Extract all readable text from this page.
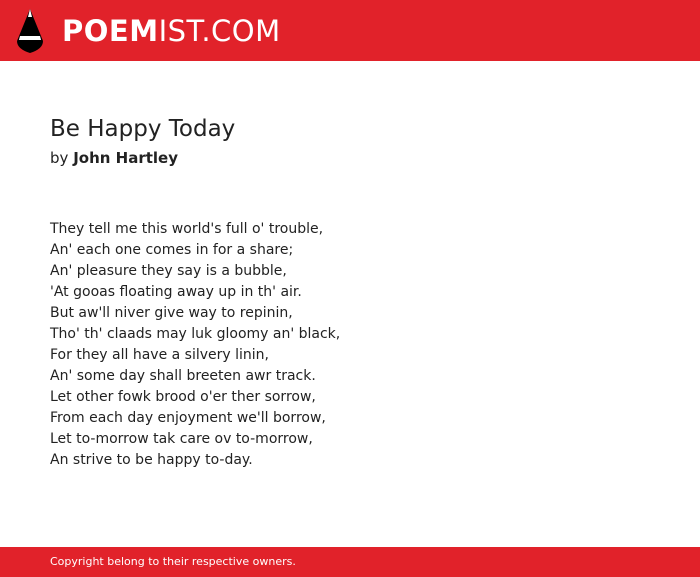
POEMIST.COM
Be Happy Today
by John Hartley
They tell me this world's full o' trouble,
An' each one comes in for a share;
An' pleasure they say is a bubble,
'At gooas floating away up in th' air.
But aw'll niver give way to repinin,
Tho' th' claads may luk gloomy an' black,
For they all have a silvery linin,
An' some day shall breeten awr track.
Let other fowk brood o'er ther sorrow,
From each day enjoyment we'll borrow,
Let to-morrow tak care ov to-morrow,
An strive to be happy to-day.
Copyright belong to their respective owners.
